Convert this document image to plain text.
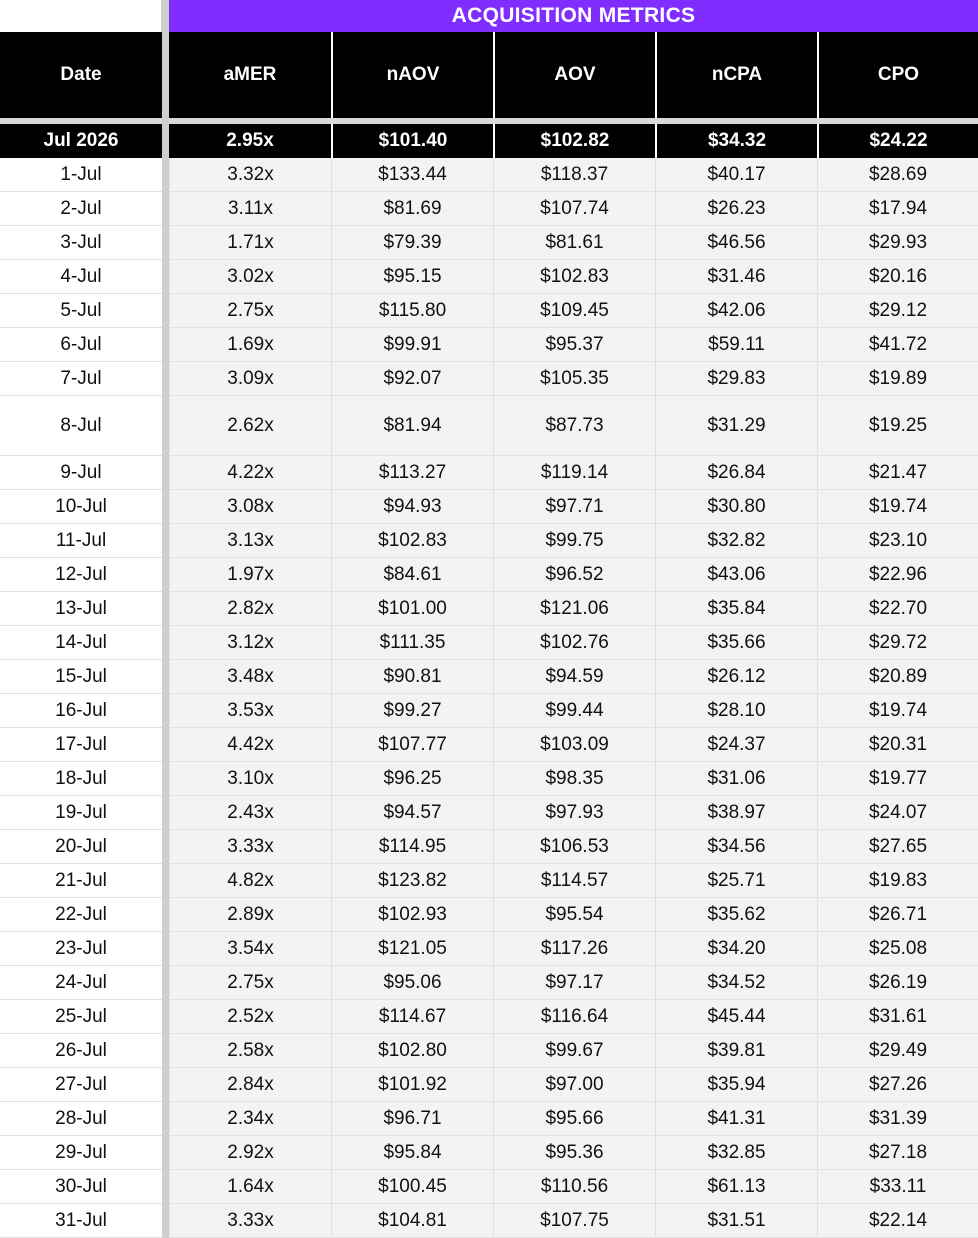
ACQUISITION METRICS
Date	aMER	nAOV	AOV	nCPA	CPO
Jul 2026	2.95x	$101.40	$102.82	$34.32	$24.22
1-Jul	3.32x	$133.44	$118.37	$40.17	$28.69
2-Jul	3.11x	$81.69	$107.74	$26.23	$17.94
3-Jul	1.71x	$79.39	$81.61	$46.56	$29.93
4-Jul	3.02x	$95.15	$102.83	$31.46	$20.16
5-Jul	2.75x	$115.80	$109.45	$42.06	$29.12
6-Jul	1.69x	$99.91	$95.37	$59.11	$41.72
7-Jul	3.09x	$92.07	$105.35	$29.83	$19.89
8-Jul	2.62x	$81.94	$87.73	$31.29	$19.25
9-Jul	4.22x	$113.27	$119.14	$26.84	$21.47
10-Jul	3.08x	$94.93	$97.71	$30.80	$19.74
11-Jul	3.13x	$102.83	$99.75	$32.82	$23.10
12-Jul	1.97x	$84.61	$96.52	$43.06	$22.96
13-Jul	2.82x	$101.00	$121.06	$35.84	$22.70
14-Jul	3.12x	$111.35	$102.76	$35.66	$29.72
15-Jul	3.48x	$90.81	$94.59	$26.12	$20.89
16-Jul	3.53x	$99.27	$99.44	$28.10	$19.74
17-Jul	4.42x	$107.77	$103.09	$24.37	$20.31
18-Jul	3.10x	$96.25	$98.35	$31.06	$19.77
19-Jul	2.43x	$94.57	$97.93	$38.97	$24.07
20-Jul	3.33x	$114.95	$106.53	$34.56	$27.65
21-Jul	4.82x	$123.82	$114.57	$25.71	$19.83
22-Jul	2.89x	$102.93	$95.54	$35.62	$26.71
23-Jul	3.54x	$121.05	$117.26	$34.20	$25.08
24-Jul	2.75x	$95.06	$97.17	$34.52	$26.19
25-Jul	2.52x	$114.67	$116.64	$45.44	$31.61
26-Jul	2.58x	$102.80	$99.67	$39.81	$29.49
27-Jul	2.84x	$101.92	$97.00	$35.94	$27.26
28-Jul	2.34x	$96.71	$95.66	$41.31	$31.39
29-Jul	2.92x	$95.84	$95.36	$32.85	$27.18
30-Jul	1.64x	$100.45	$110.56	$61.13	$33.11
31-Jul	3.33x	$104.81	$107.75	$31.51	$22.14
